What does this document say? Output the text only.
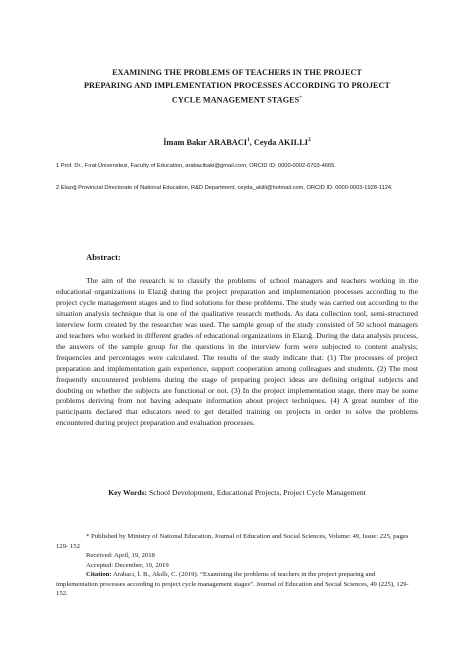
EXAMINING THE PROBLEMS OF TEACHERS IN THE PROJECT
PREPARING AND IMPLEMENTATION PROCESSES ACCORDING TO PROJECT
CYCLE MANAGEMENT STAGES*
İmam Bakır ARABACI$^1$, Ceyda AKILLI$^2$
1 Prof. Dr., Fırat Üniversitesi, Faculty of Education, arabacibaki@gmail.com, ORCID ID: 0000-0002-6703-4665.
2 Elazığ Provincial Directorate of National Education, R&D Department, ceyda_akilli@hotmail.com, ORCID ID: 0000-0003-1928-1124.
Abstract:

The aim of the research is to classify the problems of school managers and teachers working in the educational organizations in Elazığ during the project preparation and implementation processes according to the project cycle management stages and to find solutions for these problems. The study was carried out according to the situation analysis technique that is one of the qualitative research methods. As data collection tool, semi-structured interview form created by the researcher was used. The sample group of the study consisted of 50 school managers and teachers who worked in different grades of educational organizations in Elazığ. During the data analysis process, the answers of the sample group for the questions in the interview form were subjected to content analysis; frequencies and percentages were calculated. The results of the study indicate that: (1) The processes of project preparation and implementation gain experience, support cooperation among colleagues and students. (2) The most frequently encountered problems during the stage of preparing project ideas are defining original subjects and doubting on whether the subjects are functional or not. (3) In the project implementation stage, there may be some problems deriving from not having adequate information about project techniques. (4) A great number of the participants declared that educators need to get detailed training on projects in order to solve the problems encountered during project preparation and evaluation processes.

Key Words: School Development, Educational Projects, Project Cycle Management

* Published by Ministry of National Education, Journal of Education and Social Sciences, Volume: 49, Issue: 225, pages 129- 152

Received: April, 19, 2018

Accepted: December, 10, 2019

Citation: Arabacı, İ. B., Akıllı, C. (2019). “Examining the problems of teachers in the project preparing and implementation processes according to project cycle management stages”. Journal of Education and Social Sciences, 49 (225), 129-152.
